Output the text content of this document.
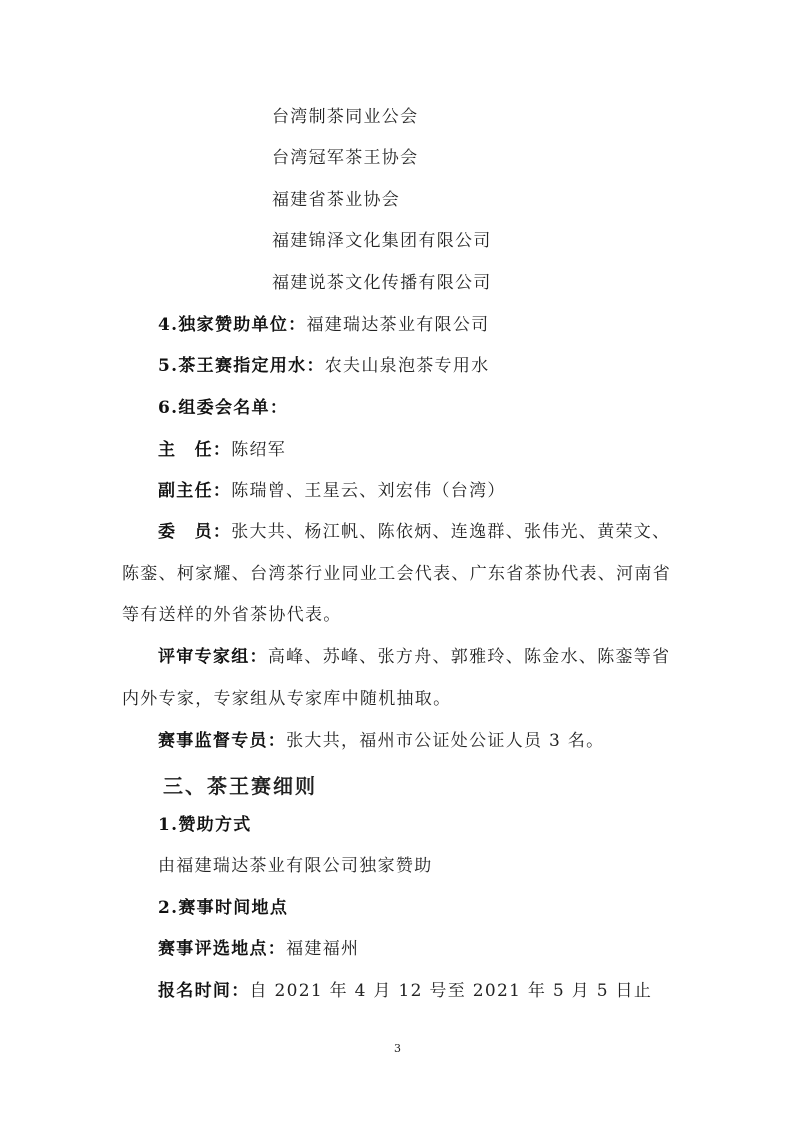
台湾制茶同业公会
台湾冠军茶王协会
福建省茶业协会
福建锦泽文化集团有限公司
福建说茶文化传播有限公司
4.独家赞助单位：福建瑞达茶业有限公司
5.茶王赛指定用水：农夫山泉泡茶专用水
6.组委会名单：
主　任：陈绍军
副主任：陈瑞曾、王星云、刘宏伟（台湾）
委　员：张大共、杨江帆、陈依炳、连逸群、张伟光、黄荣文、
陈銮、柯家耀、台湾茶行业同业工会代表、广东省茶协代表、河南省
等有送样的外省茶协代表。
评审专家组：高峰、苏峰、张方舟、郭雅玲、陈金水、陈銮等省
内外专家，专家组从专家库中随机抽取。
赛事监督专员：张大共，福州市公证处公证人员 3 名。
三、茶王赛细则
1.赞助方式
由福建瑞达茶业有限公司独家赞助
2.赛事时间地点
赛事评选地点：福建福州
报名时间：自 2021 年 4 月 12 号至 2021 年 5 月 5 日止
3
